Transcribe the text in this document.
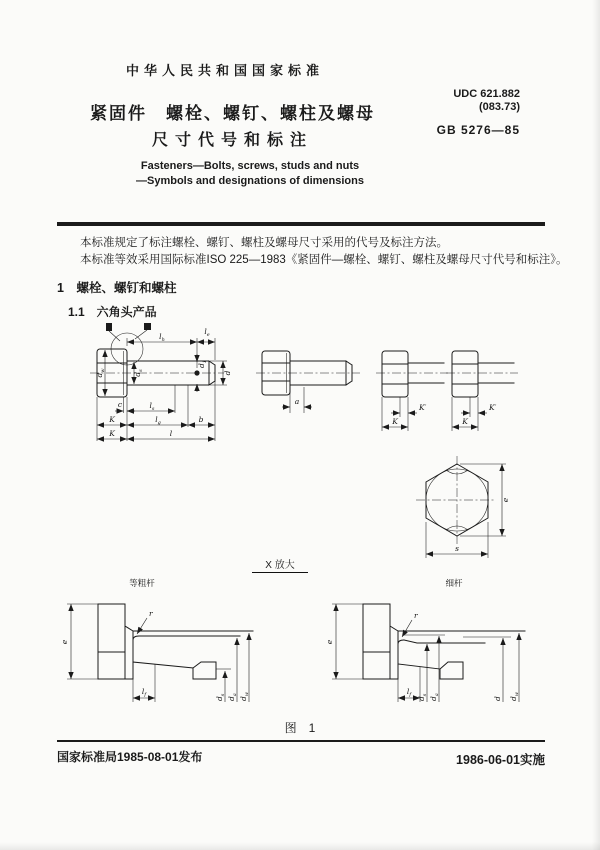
中华人民共和国国家标准
UDC 621.882
(083.73)
紧固件　螺栓、螺钉、螺柱及螺母
尺寸代号和标注
GB 5276—85
Fasteners—Bolts, screws, studs and nuts
—Symbols and designations of dimensions
本标准规定了标注螺栓、螺钉、螺柱及螺母尺寸采用的代号及标注方法。
本标准等效采用国际标准ISO 225—1983《紧固件—螺栓、螺钉、螺柱及螺母尺寸代号和标注》。
1　螺栓、螺钉和螺柱
1.1　六角头产品
$l_h$
$l_e$
$d_w$
$d_s$
$d_1$
d
c	$l_s$
K	$l_g$	b
K	l
a
K′
K
K′
K
e
s
X 放大
等粗杆
e
r
$d_s$
$d_a$
$d_w$
$l_f$
细杆
e
r
$d_s$
$d_a$
d $d_w$
$l_f$
图　1
国家标准局1985-08-01发布	1986-06-01实施
